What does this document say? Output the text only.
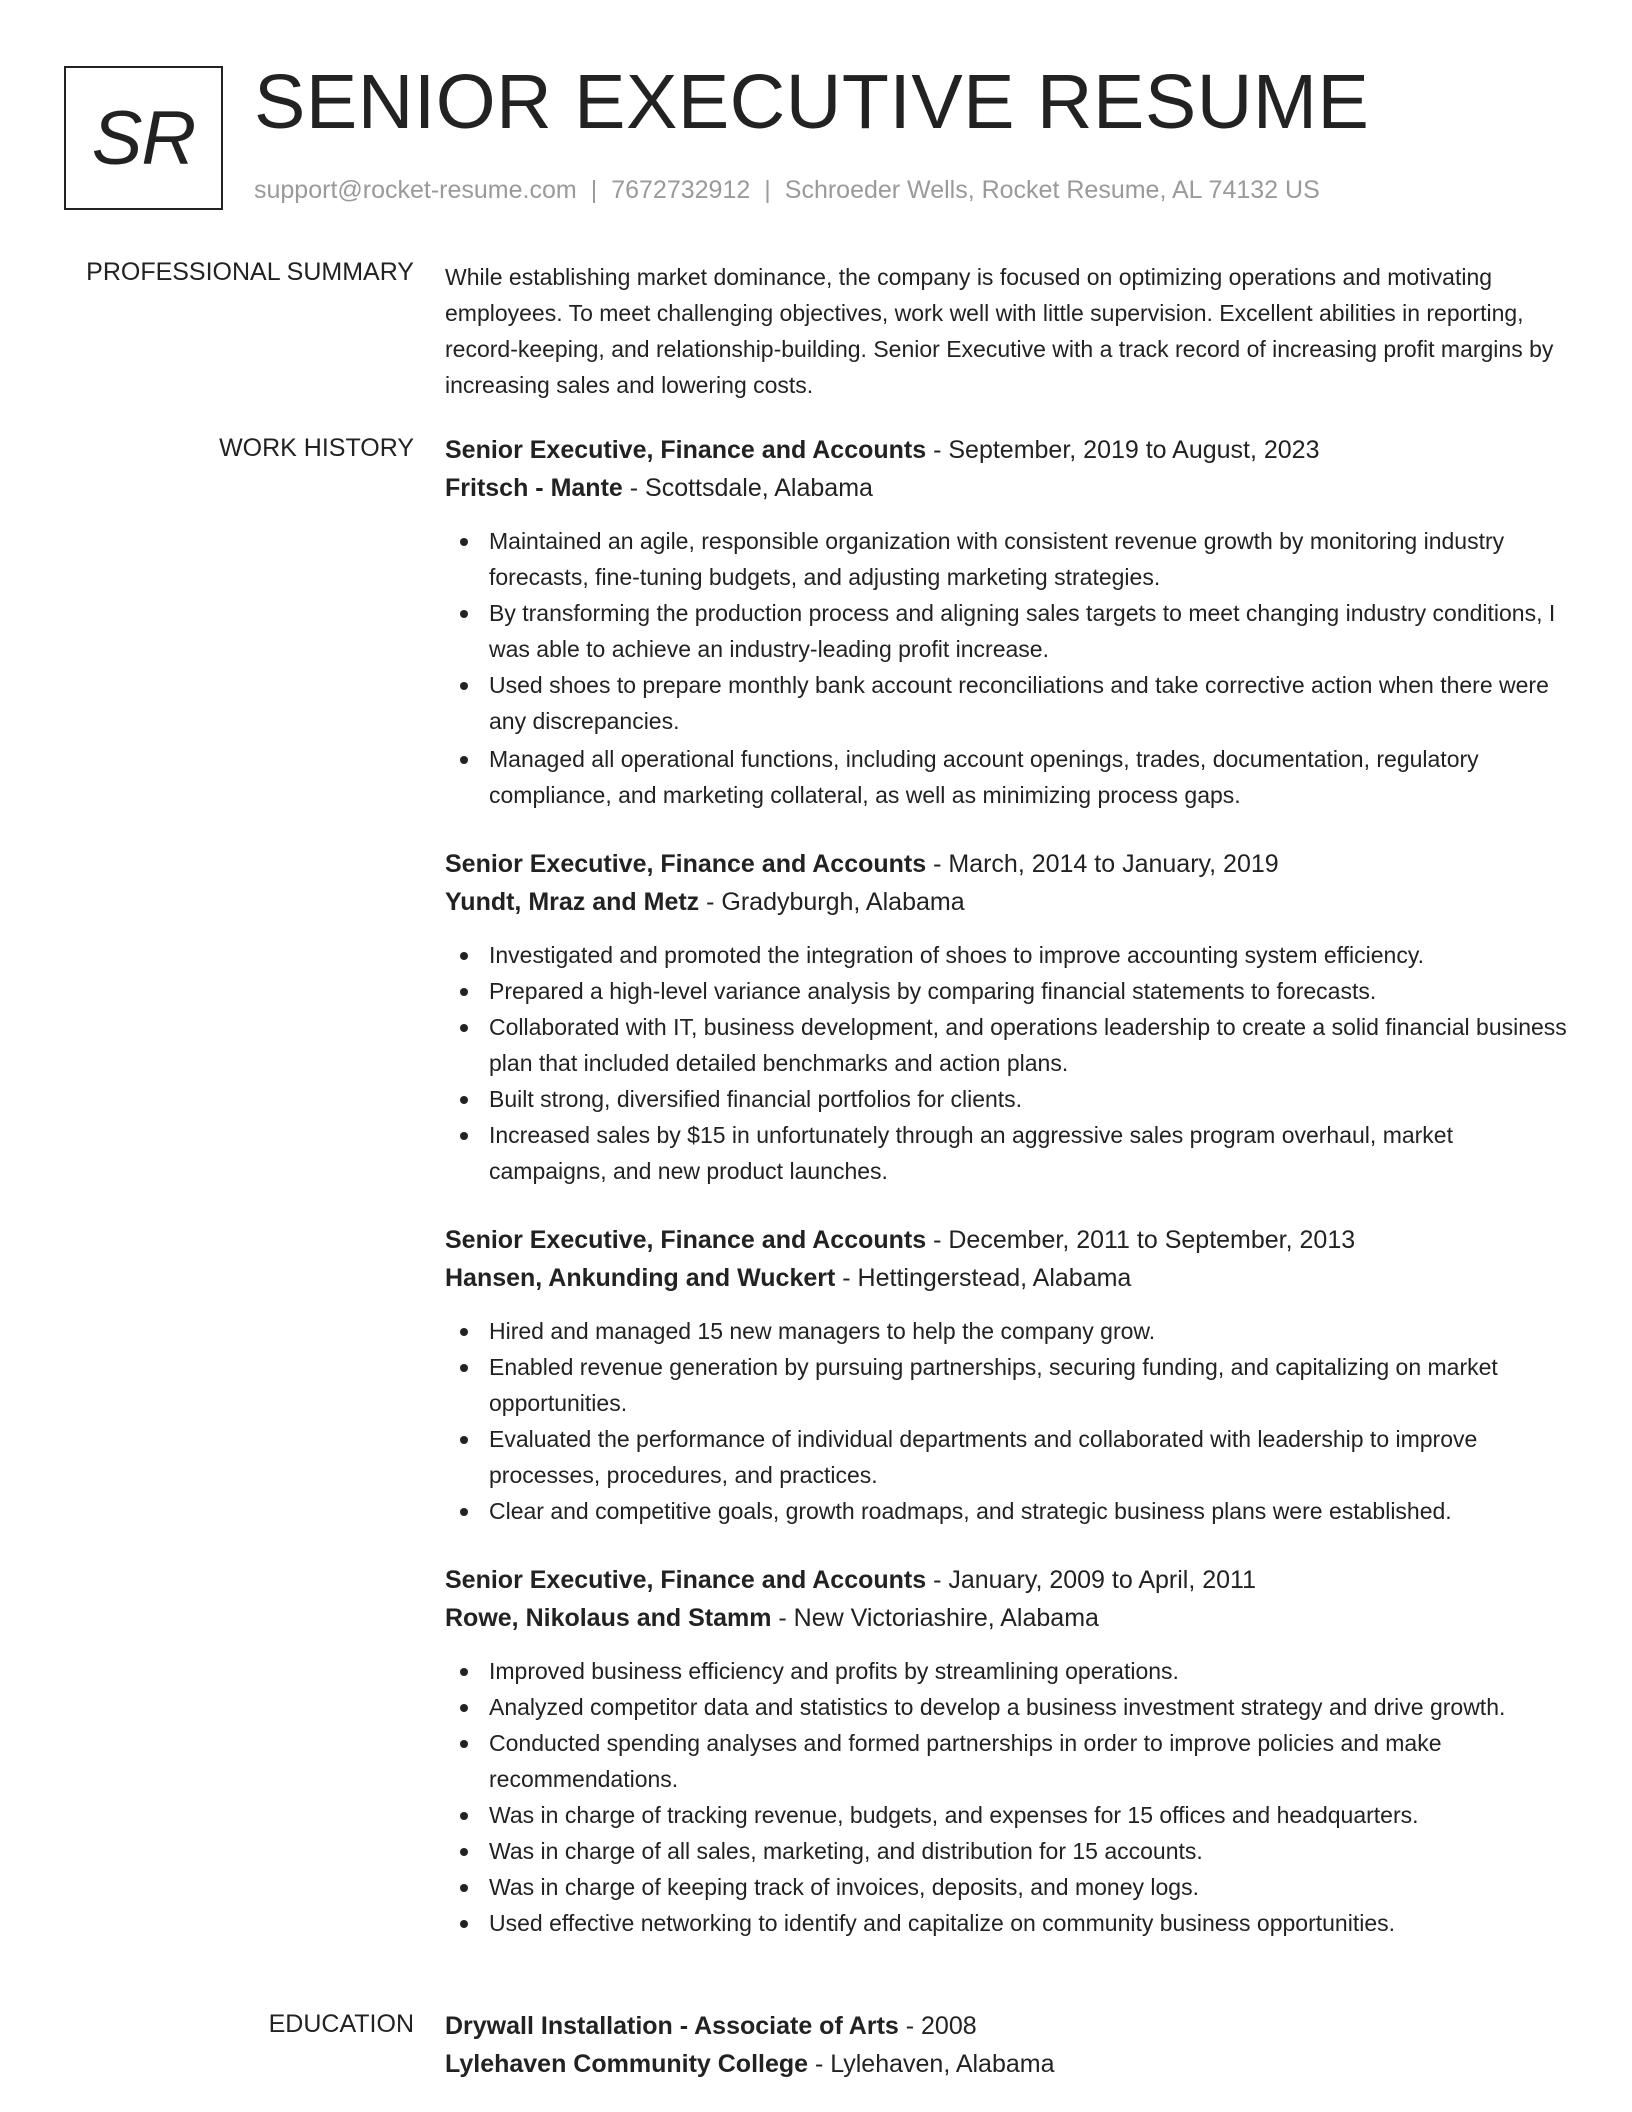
SR SENIOR EXECUTIVE RESUME
support@rocket-resume.com | 7672732912 | Schroeder Wells, Rocket Resume, AL 74132 US
PROFESSIONAL SUMMARY While establishing market dominance, the company is focused on optimizing operations and motivating employees. To meet challenging objectives, work well with little supervision. Excellent abilities in reporting, record-keeping, and relationship-building. Senior Executive with a track record of increasing profit margins by increasing sales and lowering costs.

WORK HISTORY Senior Executive, Finance and Accounts - September, 2019 to August, 2023
Fritsch - Mante - Scottsdale, Alabama
Maintained an agile, responsible organization with consistent revenue growth by monitoring industry forecasts, fine-tuning budgets, and adjusting marketing strategies.
By transforming the production process and aligning sales targets to meet changing industry conditions, I was able to achieve an industry-leading profit increase.
Used shoes to prepare monthly bank account reconciliations and take corrective action when there were any discrepancies.
Managed all operational functions, including account openings, trades, documentation, regulatory compliance, and marketing collateral, as well as minimizing process gaps.
Senior Executive, Finance and Accounts - March, 2014 to January, 2019
Yundt, Mraz and Metz - Gradyburgh, Alabama
Investigated and promoted the integration of shoes to improve accounting system efficiency.
Prepared a high-level variance analysis by comparing financial statements to forecasts.
Collaborated with IT, business development, and operations leadership to create a solid financial business plan that included detailed benchmarks and action plans.
Built strong, diversified financial portfolios for clients.
Increased sales by $15 in unfortunately through an aggressive sales program overhaul, market campaigns, and new product launches.
Senior Executive, Finance and Accounts - December, 2011 to September, 2013
Hansen, Ankunding and Wuckert - Hettingerstead, Alabama
Hired and managed 15 new managers to help the company grow.
Enabled revenue generation by pursuing partnerships, securing funding, and capitalizing on market opportunities.
Evaluated the performance of individual departments and collaborated with leadership to improve processes, procedures, and practices.
Clear and competitive goals, growth roadmaps, and strategic business plans were established.
Senior Executive, Finance and Accounts - January, 2009 to April, 2011
Rowe, Nikolaus and Stamm - New Victoriashire, Alabama
Improved business efficiency and profits by streamlining operations.
Analyzed competitor data and statistics to develop a business investment strategy and drive growth.
Conducted spending analyses and formed partnerships in order to improve policies and make recommendations.
Was in charge of tracking revenue, budgets, and expenses for 15 offices and headquarters.
Was in charge of all sales, marketing, and distribution for 15 accounts.
Was in charge of keeping track of invoices, deposits, and money logs.
Used effective networking to identify and capitalize on community business opportunities.
EDUCATION Drywall Installation - Associate of Arts - 2008
Lylehaven Community College - Lylehaven, Alabama
